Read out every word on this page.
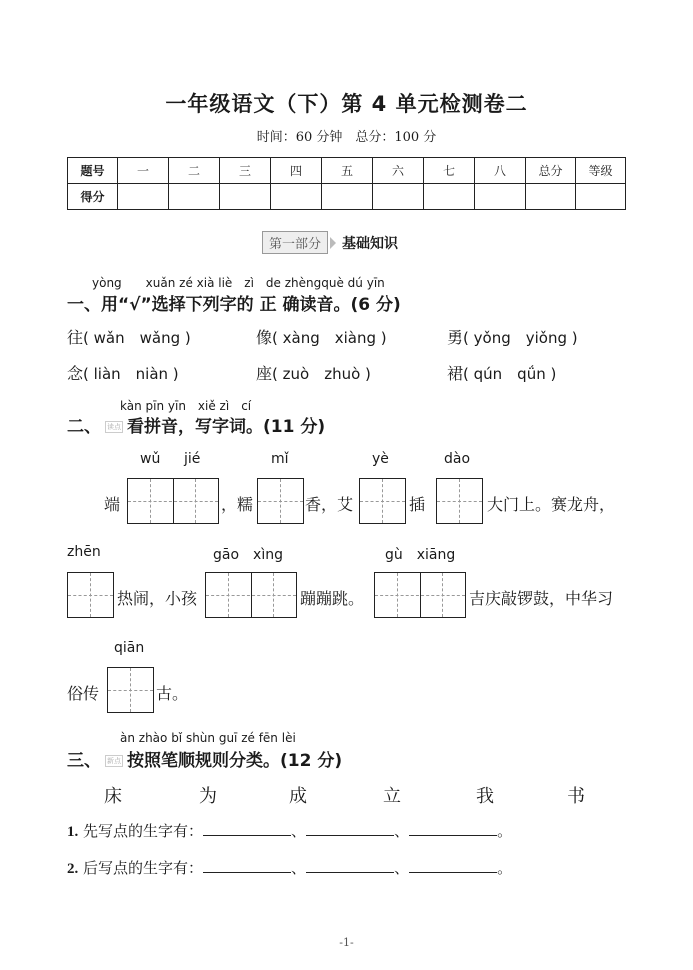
一年级语文（下）第 4 单元检测卷二
时间：60 分钟　总分：100 分
题号	一	二	三	四	五	六	七	八	总分	等级
得分										
第一部分	基础知识
yòng　　xuǎn zé xià liè　zì　de zhèngquè dú yīn
一、用“√”选择下列字的 正 确读音。(6 分)
往( wǎn　wǎng )	像( xàng　xiàng )	勇( yǒng　yiǒng )
念( liàn　niàn )	座( zuò　zhuò )	裙( qún　qǘn )
kàn pīn yīn　xiě zì　cí
二、 读点 看拼音，写字词。(11 分)
wǔ jié	mǐ	yè	dào
端	，糯	香，艾	插	大门上。赛龙舟，
zhēn	gāo　xìng	gù　xiāng
热闹，小孩	蹦蹦跳。	吉庆敲锣鼓，中华习
qiān
俗传	古。
àn zhào bǐ shùn guī zé fēn lèi
三、 新点 按照笔顺规则分类。(12 分)
床	为	成	立	我	书
1. 先写点的生字有：	、	、	。
2. 后写点的生字有：	、	、	。
-1-
